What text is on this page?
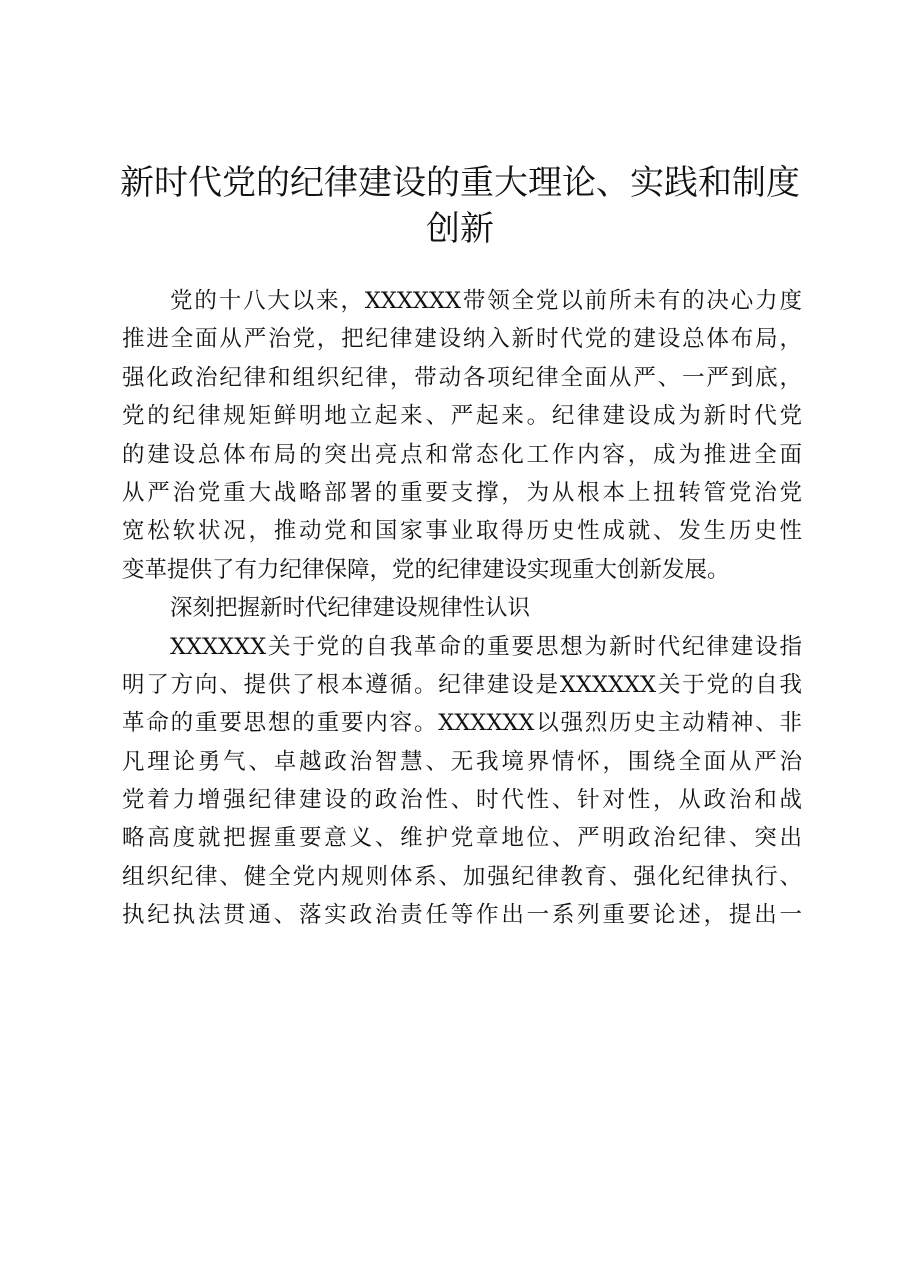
新时代党的纪律建设的重大理论、实践和制度
创新
党的十八大以来，XXXXXX带领全党以前所未有的决心力度
推进全面从严治党，把纪律建设纳入新时代党的建设总体布局，
强化政治纪律和组织纪律，带动各项纪律全面从严、一严到底，
党的纪律规矩鲜明地立起来、严起来。纪律建设成为新时代党
的建设总体布局的突出亮点和常态化工作内容，成为推进全面
从严治党重大战略部署的重要支撑，为从根本上扭转管党治党
宽松软状况，推动党和国家事业取得历史性成就、发生历史性
变革提供了有力纪律保障，党的纪律建设实现重大创新发展。
深刻把握新时代纪律建设规律性认识
XXXXXX关于党的自我革命的重要思想为新时代纪律建设指
明了方向、提供了根本遵循。纪律建设是XXXXXX关于党的自我
革命的重要思想的重要内容。XXXXXX以强烈历史主动精神、非
凡理论勇气、卓越政治智慧、无我境界情怀，围绕全面从严治
党着力增强纪律建设的政治性、时代性、针对性，从政治和战
略高度就把握重要意义、维护党章地位、严明政治纪律、突出
组织纪律、健全党内规则体系、加强纪律教育、强化纪律执行、
执纪执法贯通、落实政治责任等作出一系列重要论述，提出一
